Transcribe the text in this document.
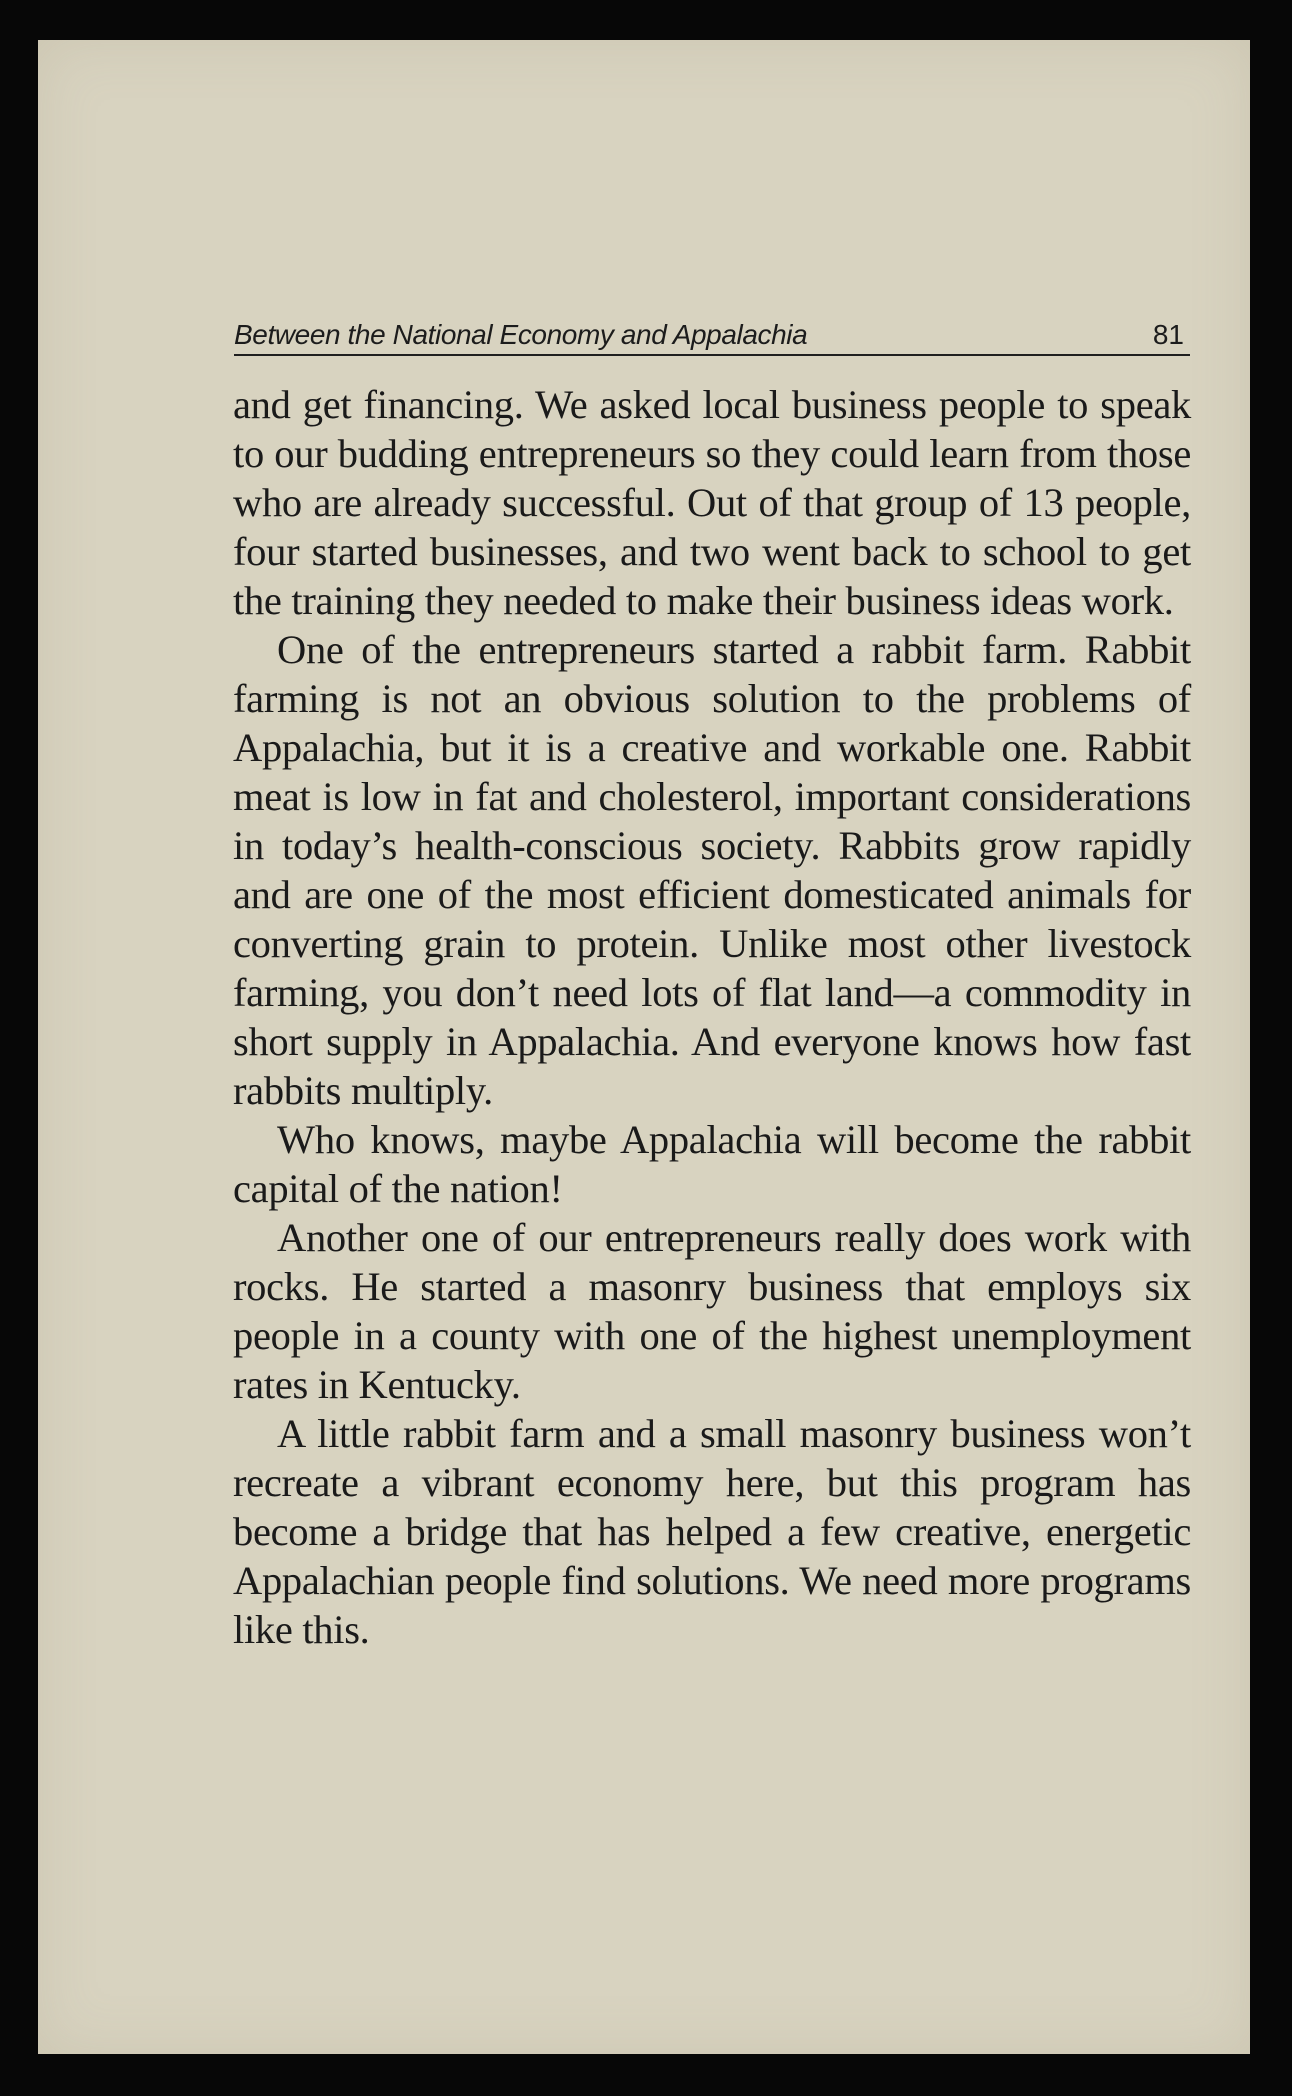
Between the National Economy and Appalachia	81

and get financing. We asked local business people to speak to our budding entrepreneurs so they could learn from those who are already successful. Out of that group of 13 people, four started businesses, and two went back to school to get the training they needed to make their business ideas work.

One of the entrepreneurs started a rabbit farm. Rabbit farming is not an obvious solution to the problems of Appalachia, but it is a creative and workable one. Rabbit meat is low in fat and cholesterol, important considerations in today’s health-conscious society. Rabbits grow rapidly and are one of the most efficient domesticated animals for converting grain to protein. Unlike most other livestock farming, you don’t need lots of flat land—a commodity in short supply in Appalachia. And everyone knows how fast rabbits multiply.

Who knows, maybe Appalachia will become the rabbit capital of the nation!

Another one of our entrepreneurs really does work with rocks. He started a masonry business that employs six people in a county with one of the highest unemployment rates in Kentucky.

A little rabbit farm and a small masonry business won’t recreate a vibrant economy here, but this program has become a bridge that has helped a few creative, energetic Appalachian people find solutions. We need more programs like this.
